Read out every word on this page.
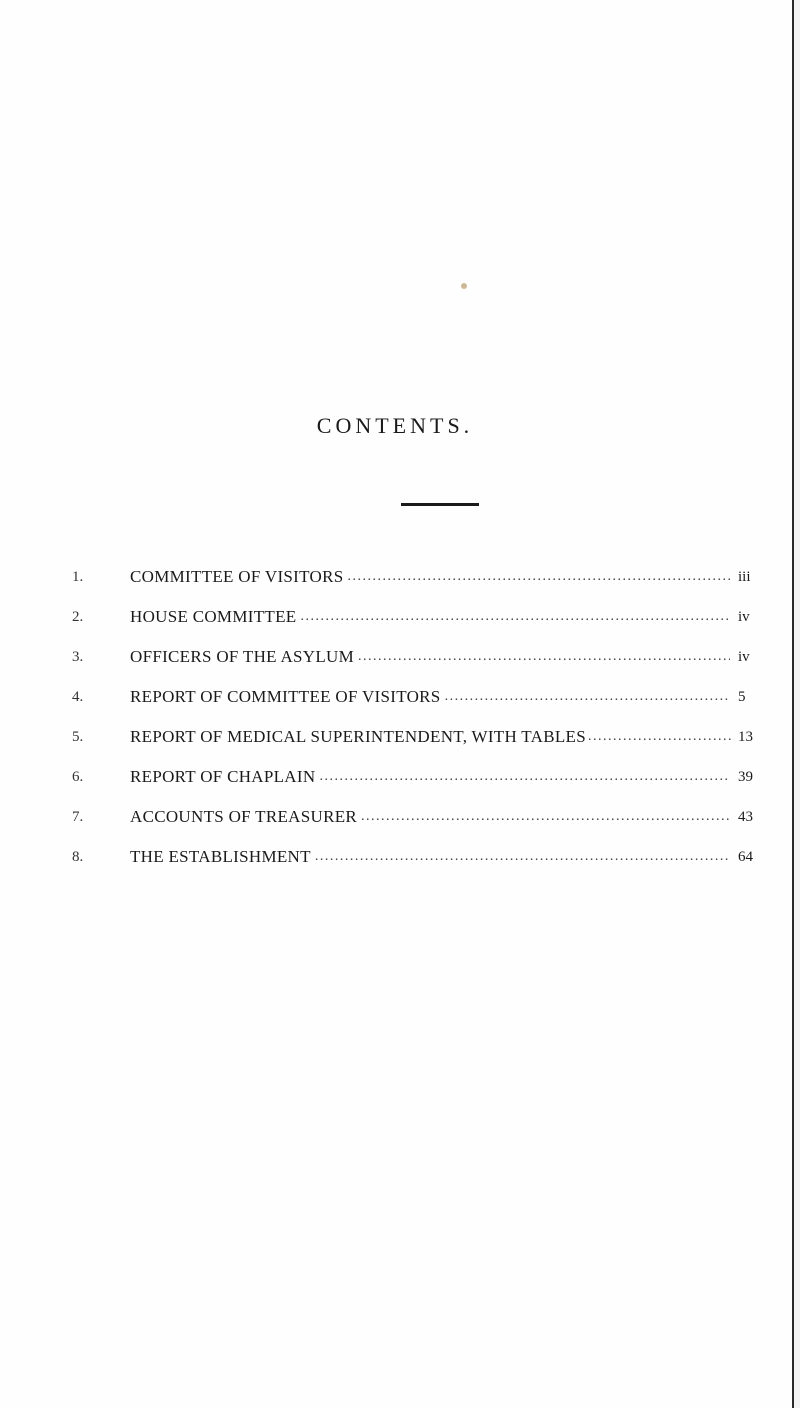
CONTENTS.
1.	COMMITTEE OF VISITORS .....	iii
2.	HOUSE COMMITTEE .....	iv
3.	OFFICERS OF THE ASYLUM .....	iv
4.	REPORT OF COMMITTEE OF VISITORS .....	5
5.	REPORT OF MEDICAL SUPERINTENDENT, WITH TABLES .....	13
6.	REPORT OF CHAPLAIN .....	39
7.	ACCOUNTS OF TREASURER .....	43
8.	THE ESTABLISHMENT .....	64
